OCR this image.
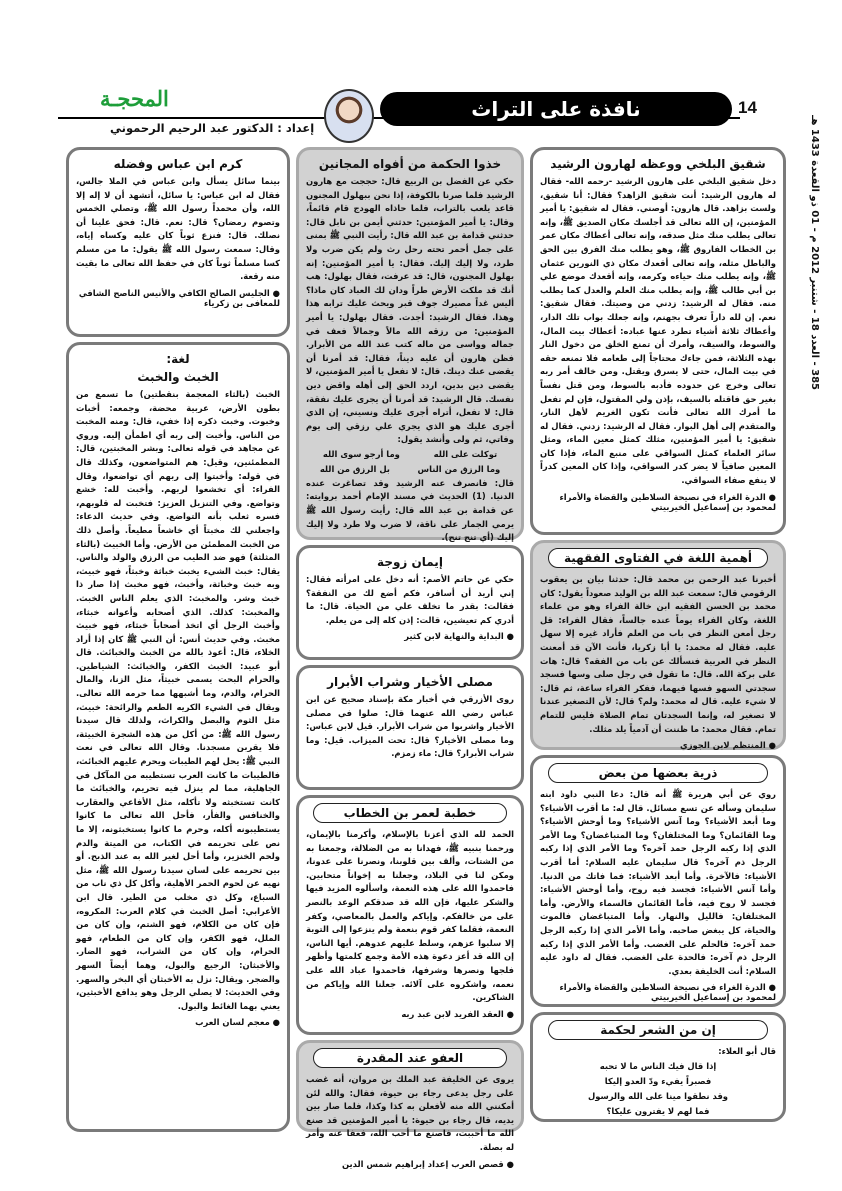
14
المحجـة
إعداد : الدكتور عبد الرحيم الرحموني
نافذة على التراث
385 - العدد 18 - شتنبر 2012 م - 01 ذو القعدة 1433 هـ
شقيق البلخي ووعظه لهارون الرشيد
دخل شقيق البلخي على هارون الرشيد -رحمه الله- فقال له هارون الرشيد: أنت شقيق الزاهد؟ فقال: أنا شقيق، ولست بزاهد. قال هارون: أوصني. فقال له شقيق: يا أمير المؤمنين، إن الله تعالى قد أجلسك مكان الصديق ﷺ، وإنه تعالى يطلب منك مثل صدقه، وإنه تعالى أعطاك مكان عمر بن الخطاب الفاروق ﷺ، وهو يطلب منك الفرق بين الحق والباطل مثله، وإنه تعالى أقعدك مكان ذي النورين عثمان ﷺ، وإنه يطلب منك حياءه وكرمه، وإنه أقعدك موضع علي بن أبي طالب ﷺ، وإنه يطلب منك العلم والعدل كما يطلب منه. فقال له الرشيد: زدني من وصيتك. فقال شقيق: نعم. إن لله داراً تعرف بجهنم، وإنه جعلك بواب تلك الدار، وأعطاك ثلاثة أشياء تطرد عنها عباده: أعطاك بيت المال، والسوط، والسيف، وأمرك أن تمنع الخلق من دخول النار بهذه الثلاثة، فمن جاءك محتاجاً إلى طعامه فلا تمنعه حقه في بيت المال، حتى لا يسرق ويقتل. ومن خالف أمر ربه تعالى وخرج عن حدوده فأدبه بالسوط، ومن قتل نفساً بغير حق فاقتله بالسيف، بإذن ولي المقتول، فإن لم تفعل ما أمرك الله تعالى فأنت تكون الغريم لأهل النار، والمتقدم إلى أهل البوار. فقال له الرشيد: زدني. فقال له شقيق: يا أمير المؤمنين، مثلك كمثل معين الماء، ومثل سائر العلماء كمثل السواقي على منبع الماء، فإذا كان المعين صافياً لا يضر كدر السواقي، وإذا كان المعين كدراً لا ينفع صفاء السواقي.
● الدرة الغراء في نصيحة السلاطين والقضاة والأمراء لمحمود بن إسماعيل الخيربيتي
أهمية اللغة في الفتاوى الفقهية
أخبرنا عبد الرحمن بن محمد قال: حدثنا بيان بن يعقوب الرقومي قال: سمعت عبد الله بن الوليد صعوداً يقول: كان محمد بن الحسن الفقيه ابن خالة الفراء وهو من علماء اللغة، وكان الفراء يوماً عنده جالساً، فقال الفراء: قل رجل أمعن النظر في باب من العلم فأراد غيره إلا سهل عليه. فقال له محمد: يا أبا زكريا، فأنت الآن قد أمعنت النظر في العربية فنسألك عن باب من الفقه؟ قال: هات على بركة الله. قال: ما تقول في رجل صلى وسها فسجد سجدتي السهو فسها فيهما، ففكر الفراء ساعة، ثم قال: لا شيء عليه. قال له محمد: ولم؟ قال: لأن التصغير عندنا لا تصغير له، وإنما السجدتان تمام الصلاة فليس للتمام تمام. فقال محمد: ما ظننت أن آدمياً يلد مثلك.
● المنتظم لابن الجوزي
ذرية بعضها من بعض
روي عن أبي هريرة ﷺ أنه قال: دعا النبي داود ابنه سليمان وسأله عن تسع مسائل. قال له: ما أقرب الأشياء؟ وما أبعد الأشياء؟ وما آنس الأشياء؟ وما أوحش الأشياء؟ وما القائمان؟ وما المختلفان؟ وما المتباغضان؟ وما الأمر الذي إذا ركبه الرجل حمد آخره؟ وما الأمر الذي إذا ركبه الرجل ذم آخره؟ قال سليمان عليه السلام: أما أقرب الأشياء: فالآخرة. وأما أبعد الأشياء: فما فاتك من الدنيا. وأما آنس الأشياء: فجسد فيه روح، وأما أوحش الأشياء: فجسد لا روح فيه، فأما القائمان فالسماء والأرض. وأما المختلفان: فالليل والنهار. وأما المتباغضان فالموت والحياة، كل يبغض صاحبه. وأما الأمر الذي إذا ركبه الرجل حمد آخره: فالحلم على الغضب. وأما الأمر الذي إذا ركبه الرجل ذم آخره: فالحدة على الغضب. فقال له داود عليه السلام: أنت الخليفة بعدي.
● الدرة الغراء في نصيحة السلاطين والقضاة والأمراء لمحمود بن إسماعيل الخيربيتي
إن من الشعر لحكمة
قال أبو العلاء:
إذا قال فيك الناس ما لا تحبه
فصبراً يفيء ودّ العدو إليكا
وقد نطقوا مينا على الله والرسول
فما لهم لا يفترون عليكا؟
خذوا الحكمة من أفواه المجانين
حكي عن الفضل بن الربيع قال: حججت مع هارون الرشيد فلما صرنا بالكوفة، إذا نحن ببهلول المجنون قاعد يلعب بالتراب، فلما حاذاه الهودج قام قائماً، وقال: يا أمير المؤمنين: حدثني أيمن بن نابل قال: حدثني قدامة بن عبد الله قال: رأيت النبي ﷺ بمنى على جمل أحمر تحته رحل رث ولم يكن ضرب ولا طرد، ولا إليك إليك. فقال: يا أمير المؤمنين: إنه بهلول المجنون، قال: قد عرفت، فقال بهلول: هب أنك قد ملكت الأرض طراً ودان لك العباد كان ماذا؟ أليس غداً مصيرك جوف قبر ويحث عليك ترابه هذا وهذا. فقال الرشيد: أجدت. فقال بهلول: يا أمير المؤمنين: من رزقه الله مالاً وجمالاً فعف في جماله وواسى من ماله كتب عند الله من الأبرار. فظن هارون أن عليه ديناً، فقال: قد أمرنا أن يقضى عنك دينك. قال: لا تفعل يا أمير المؤمنين، لا يقضى دين بدين، اردد الحق إلى أهله واقض دين نفسك. قال الرشيد: قد أمرنا أن يجرى عليك نفقة، قال: لا تفعل، أتراه أجرى عليك ونسيني، إن الذي أجرى عليك هو الذي يجري علي رزقي إلى يوم وفاتي، ثم ولى وأنشد يقول:
توكلت على الله
وما أرجو سوى الله
وما الرزق من الناس
بل الرزق من الله
قال: فانصرف عنه الرشيد وقد تصاغرت عنده الدنيا. (1) الحديث في مسند الإمام أحمد بروايته: عن قدامة بن عبد الله قال: رأيت رسول الله ﷺ يرمي الجمار على ناقة، لا ضرب ولا طرد ولا إليك إليك (أي تنح تنح).
إيمان زوجة
حكي عن حاتم الأصم: أنه دخل على امرأته فقال: إني أريد أن أسافر، فكم أضع لك من النفقة؟ فقالت: بقدر ما تخلف علي من الحياة. قال: ما أدري كم تعيشين، قالت: إذن كله إلى من يعلم.
● البداية والنهاية لابن كثير
مصلى الأخيار وشراب الأبرار
روى الأزرقي في أخبار مكة بإسناد صحيح عن ابن عباس رضي الله عنهما قال: صلوا في مصلى الأخيار واشربوا من شراب الأبرار. قيل لابن عباس: وما مصلى الأخيار؟ قال: تحت الميزاب. قيل: وما شراب الأبرار؟ قال: ماء زمزم.
خطبة لعمر بن الخطاب
الحمد لله الذي أعزنا بالإسلام، وأكرمنا بالإيمان، ورحمنا بنبيه ﷺ، فهدانا به من الضلالة، وجمعنا به من الشتات، وألف بين قلوبنا، ونصرنا على عدونا، ومكن لنا في البلاد، وجعلنا به إخواناً متحابين. فاحمدوا الله على هذه النعمة، واسألوه المزيد فيها والشكر عليها، فإن الله قد صدقكم الوعد بالنصر على من خالفكم. وإياكم والعمل بالمعاصي، وكفر النعمة، فقلما كفر قوم بنعمة ولم ينزعوا إلى التوبة إلا سلبوا عزهم، وسلط عليهم عدوهم. أيها الناس، إن الله قد أعز دعوة هذه الأمة وجمع كلمتها وأظهر فلجها ونصرها وشرفها، فاحمدوا عباد الله على نعمه، واشكروه على آلائه. جعلنا الله وإياكم من الشاكرين.
● العقد الفريد لابن عبد ربه
العفو عند المقدرة
يروى عن الخليفة عبد الملك بن مروان، أنه غضب على رجل يدعى رجاء بن حيوة، فقال: والله لئن أمكنني الله منه لأفعلن به كذا وكذا، فلما صار بين يديه، قال رجاء بن حيوة: يا أمير المؤمنين قد صنع الله ما أحببت، فاصنع ما أحب الله، فعفا عنه وأمر له بصلة.
● قصص العرب إعداد إبراهيم شمس الدين
كرم ابن عباس وفضله
بينما سائل يسأل وابن عباس في الملا جالس، فقال له ابن عباس: يا سائل، أتشهد أن لا إله إلا الله، وأن محمداً رسول الله ﷺ، وتصلي الخمس وتصوم رمضان؟ قال: نعم. قال: فحق علينا أن نصلك. قال: فنزع ثوباً كان عليه وكساه إياه، وقال: سمعت رسول الله ﷺ يقول: ما من مسلم كسا مسلماً ثوباً كان في حفظ الله تعالى ما بقيت منه رقعة.
● الجليس الصالح الكافي والأنيس الناصح الشافي للمعافى بن زكرياء
لغة:
الخبث والخبث
الخبث (بالثاء المعجمة بنقطتين) ما تسمع من بطون الأرض، عربية محضة، وجمعه: أخبات وخبوت. وخبت ذكره إذا خفي، قال: ومنه المخبت من الناس. وأخبت إلى ربه أي اطمأن إليه. وروي عن مجاهد في قوله تعالى: وبشر المخبتين، قال: المطمئنين، وقيل: هم المتواضعون، وكذلك قال في قوله: وأخبتوا إلى ربهم أي تواضعوا، وقال الفراء: أي تخشعوا لربهم. وأخبت لله: خشع وتواضع. وفي التنزيل العزيز: فتخبت له قلوبهم، فسره ثعلب بأنه التواضع. وفي حديث الدعاء: واجعلني لك مخبتاً أي خاشعاً مطيعاً. وأصل ذلك من الخبت المطمئن من الأرض. وأما الخبيث (بالثاء المثلثة) فهو ضد الطيب من الرزق والولد والناس. يقال: خبث الشيء يخبث خباثة وخبثاً، فهو خبيث، وبه خبث وخباثة، وأخبث، فهو مخبث إذا صار ذا خبث وشر. والمخبث: الذي يعلم الناس الخبث. والمخبث: كذلك. الذي أصحابه وأعوانه خبثاء، وأخبث الرجل أي اتخذ أصحاباً خبثاء، فهو خبيث مخبث. وفي حديث أنس: أن النبي ﷺ كان إذا أراد الخلاء، قال: أعوذ بالله من الخبث والخبائث. قال أبو عبيد: الخبث الكفر، والخبائث: الشياطين. والحرام البحت يسمى خبيثاً، مثل الزنا، والمال الحرام، والدم، وما أشبهها مما حرمه الله تعالى. ويقال في الشيء الكريه الطعم والرائحة: خبيث، مثل الثوم والبصل والكراث، ولذلك قال سيدنا رسول الله ﷺ: من أكل من هذه الشجرة الخبيثة، فلا يقربن مسجدنا. وقال الله تعالى في نعت النبي ﷺ: يحل لهم الطيبات ويحرم عليهم الخبائث، فالطيبات ما كانت العرب تستطيبه من المآكل في الجاهلية، مما لم ينزل فيه تحريم، والخبائث ما كانت تستخبثه ولا تأكله، مثل الأفاعي والعقارب والخنافس والفأر، فأحل الله تعالى ما كانوا يستطيبونه أكله، وحرم ما كانوا يستخبثونه، إلا ما نص على تحريمه في الكتاب، من الميتة والدم ولحم الخنزير، وأما أحل لغير الله به عند الذبح. أو بين تحريمه على لسان سيدنا رسول الله ﷺ، مثل نهيه عن لحوم الحمر الأهلية، وأكل كل ذي ناب من السباع، وكل ذي مخلب من الطير. قال ابن الأعرابي: أصل الخبث في كلام العرب: المكروه، فإن كان من الكلام، فهو الشتم، وإن كان من الملل، فهو الكفر، وإن كان من الطعام، فهو الحرام، وإن كان من الشراب، فهو الضار. والأخبثان: الرجيع والبول، وهما أيضاً السهر والضجر. ويقال: نزل به الأخبثان أي البخر والسهر. وفي الحديث: لا يصلي الرجل وهو يدافع الأخبثين، يعني بهما الغائط والبول.
● معجم لسان العرب
